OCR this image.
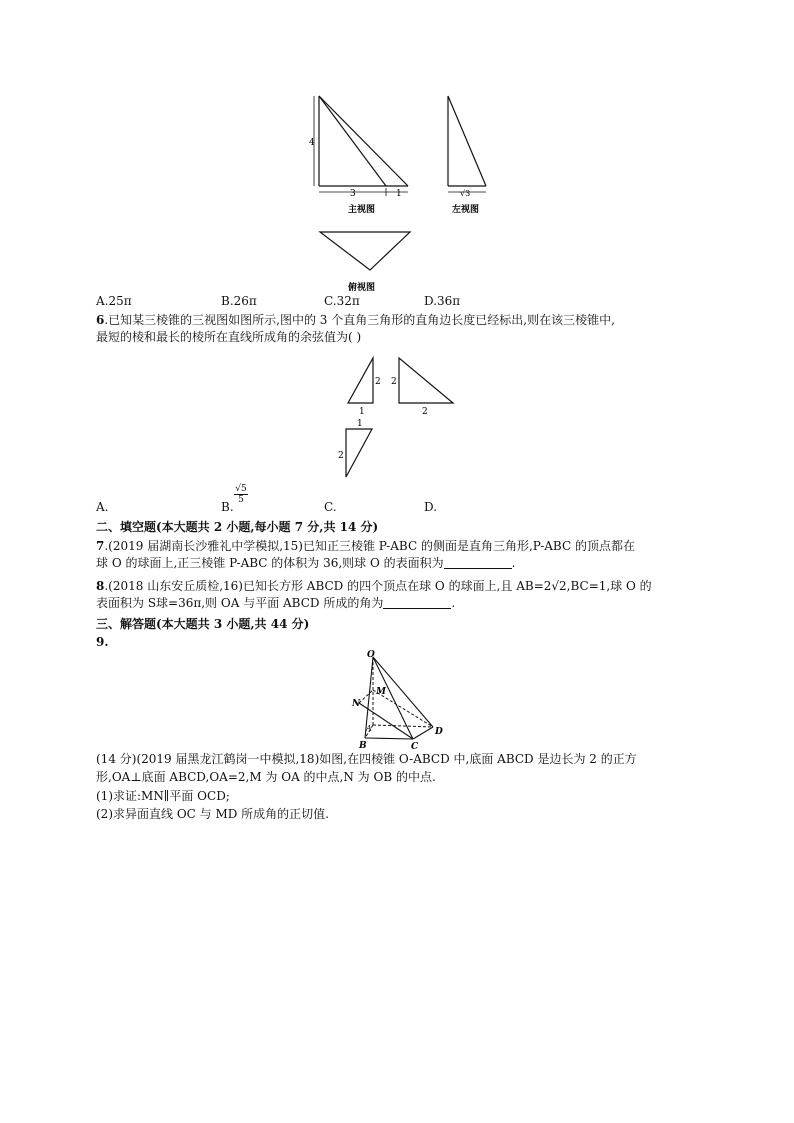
4
3	1
主视图
√3
左视图
俯视图
A.25π	B.26π	C.32π	D.36π
6.已知某三棱锥的三视图如图所示,图中的 3 个直角三角形的直角边长度已经标出,则在该三棱锥中,
最短的棱和最长的棱所在直线所成角的余弦值为( )
2 2
1	2
1
2
A.	B.
$\frac{√5}{5}$
C.	D.
二、填空题(本大题共 2 小题,每小题 7 分,共 14 分)
7.(2019 届湖南长沙雅礼中学模拟,15)已知正三棱锥 P-ABC 的侧面是直角三角形,P-ABC 的顶点都在
球 O 的球面上,正三棱锥 P-ABC 的体积为 36,则球 O 的表面积为	.
8.(2018 山东安丘质检,16)已知长方形 ABCD 的四个顶点在球 O 的球面上,且 AB=2√2,BC=1,球 O 的
表面积为 S球=36π,则 OA 与平面 ABCD 所成的角为	.
三、解答题(本大题共 3 小题,共 44 分)
9.
O
M
N
A
B	C
D
(14 分)(2019 届黑龙江鹤岗一中模拟,18)如图,在四棱锥 O-ABCD 中,底面 ABCD 是边长为 2 的正方
形,OA⊥底面 ABCD,OA=2,M 为 OA 的中点,N 为 OB 的中点.
(1)求证:MN∥平面 OCD;
(2)求异面直线 OC 与 MD 所成角的正切值.
